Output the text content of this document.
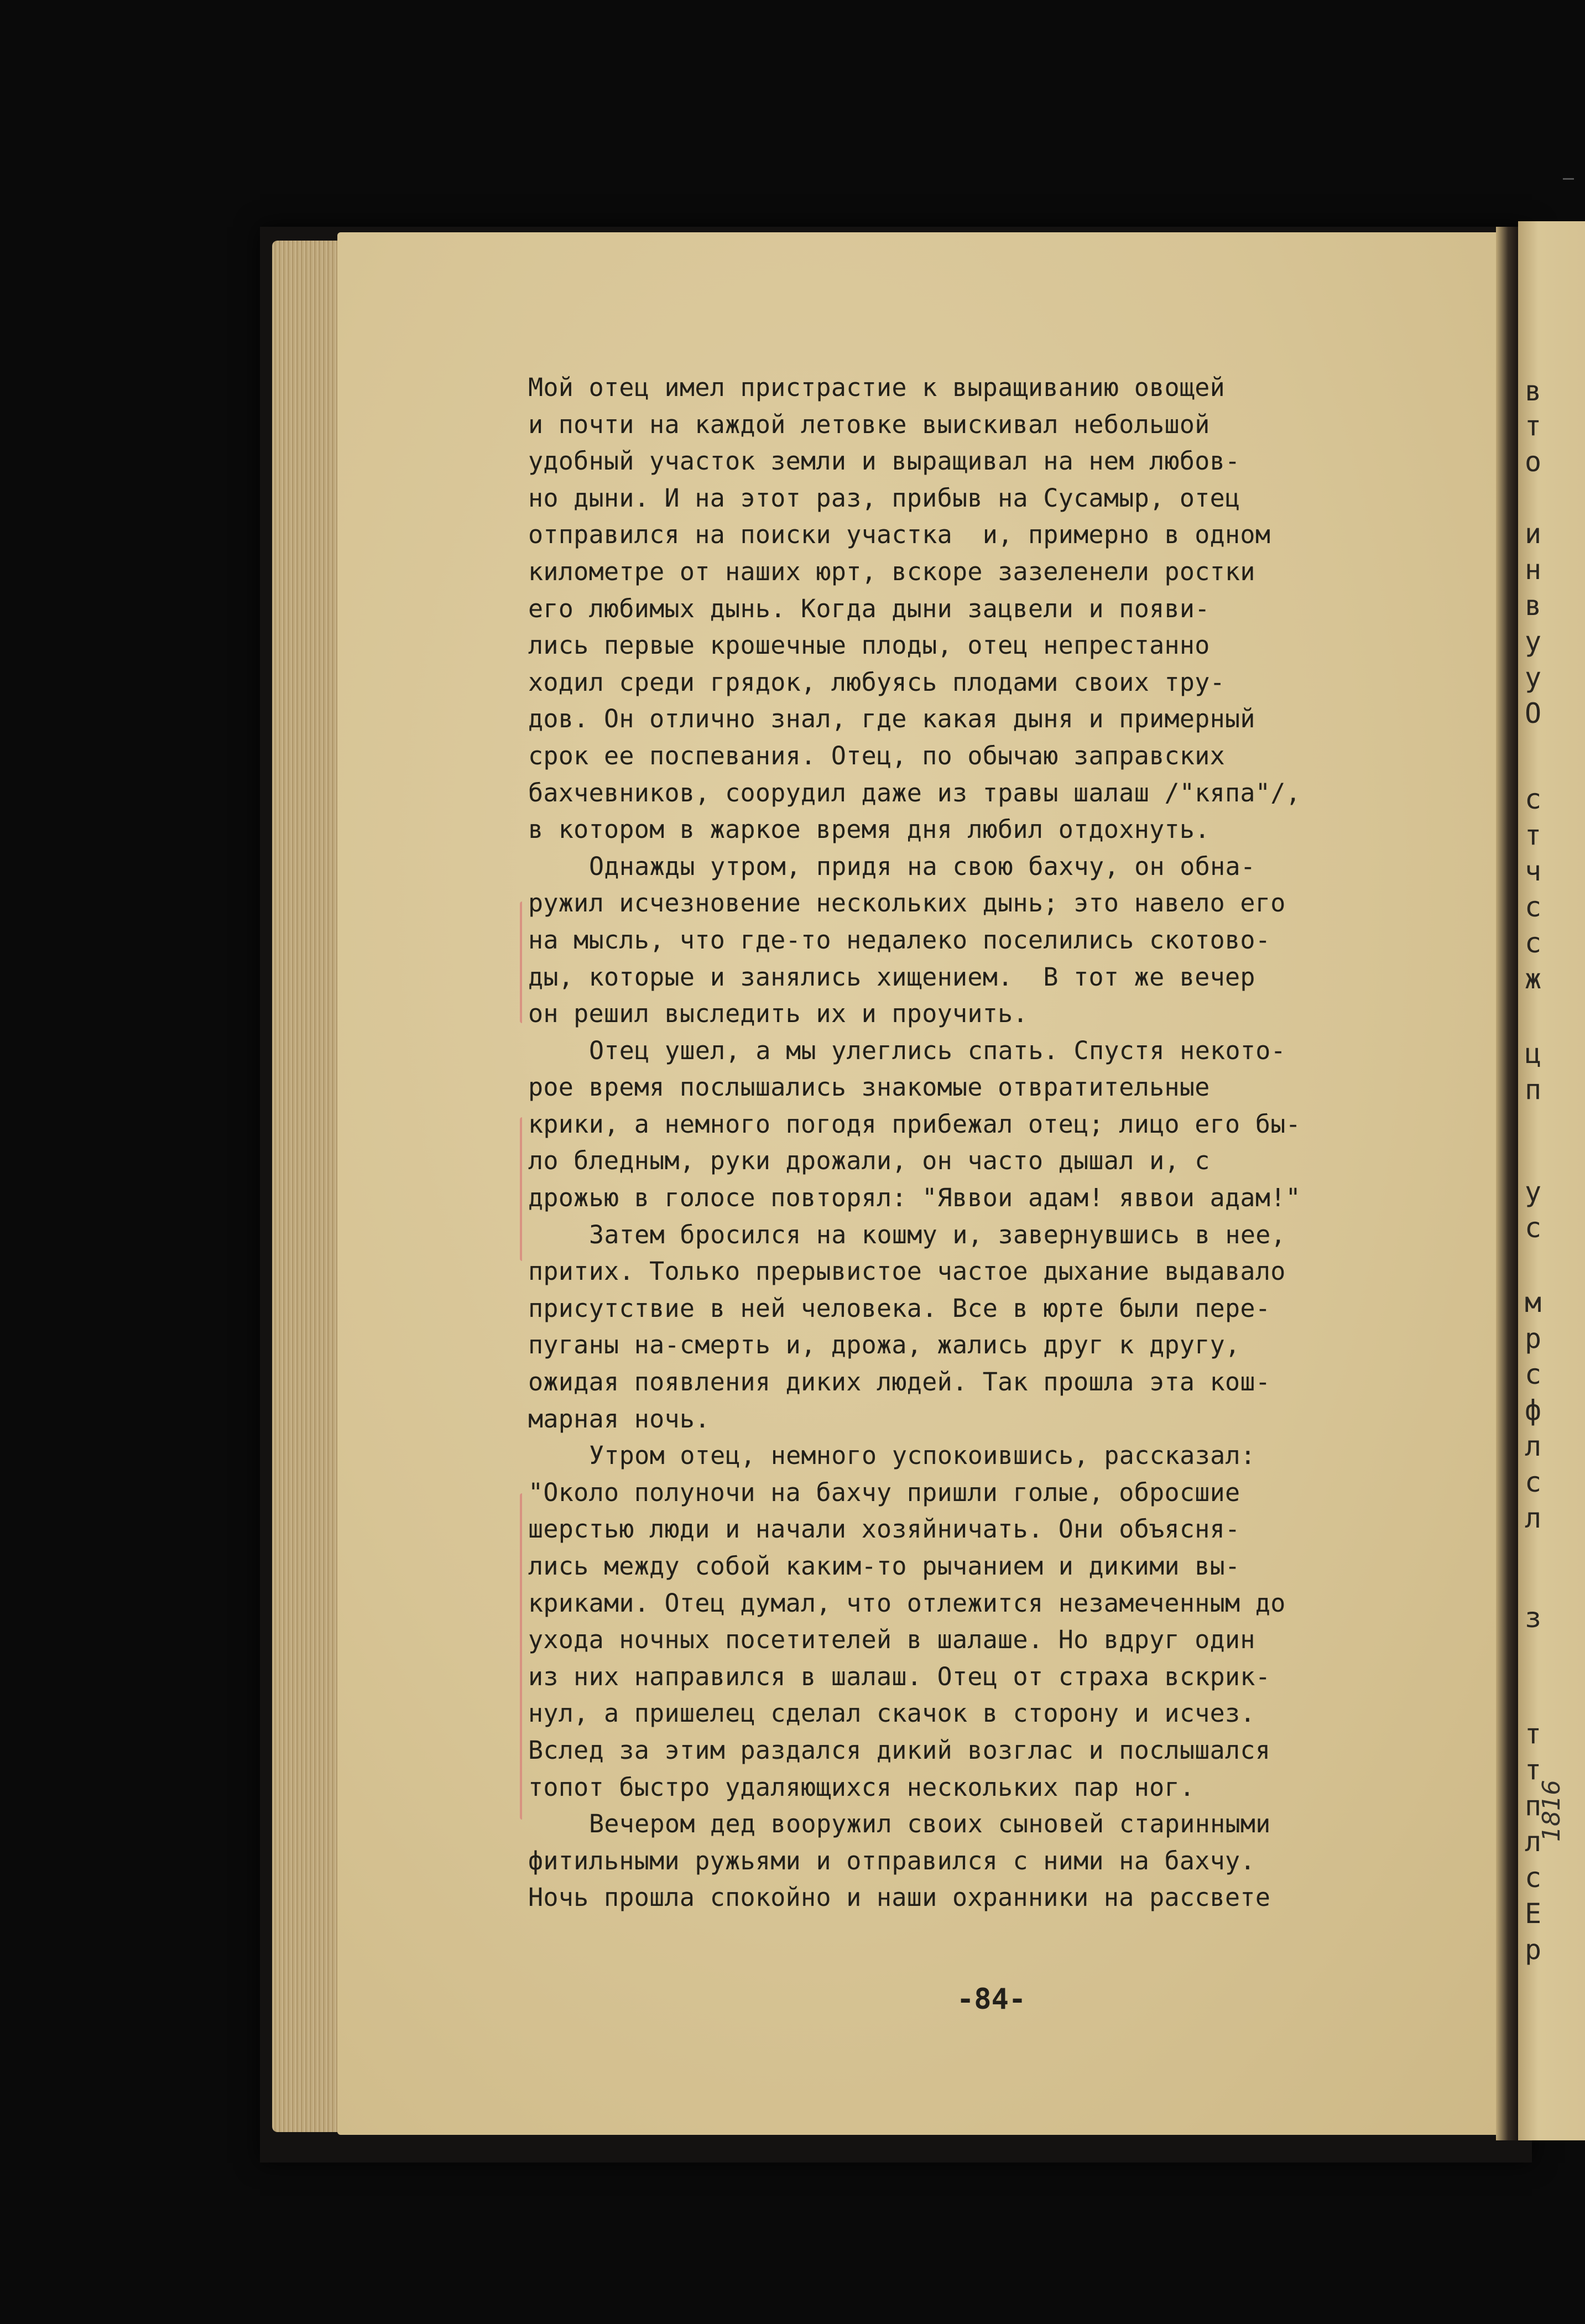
Мой отец имел пристрастие к выращиванию овощей
и почти на каждой летовке выискивал небольшой
удобный участок земли и выращивал на нем любов-
но дыни. И на этот раз, прибыв на Сусамыр, отец
отправился на поиски участка  и, примерно в одном
километре от наших юрт, вскоре зазеленели ростки
его любимых дынь. Когда дыни зацвели и появи-
лись первые крошечные плоды, отец непрестанно
ходил среди грядок, любуясь плодами своих тру-
дов. Он отлично знал, где какая дыня и примерный
срок ее поспевания. Отец, по обычаю заправских
бахчевников, соорудил даже из травы шалаш /"кяпа"/,
в котором в жаркое время дня любил отдохнуть.
Однажды утром, придя на свою бахчу, он обна-
ружил исчезновение нескольких дынь; это навело его
на мысль, что где-то недалеко поселились скотово-
ды, которые и занялись хищением.  В тот же вечер
он решил выследить их и проучить.
Отец ушел, а мы улеглись спать. Спустя некото-
рое время послышались знакомые отвратительные
крики, а немного погодя прибежал отец; лицо его бы-
ло бледным, руки дрожали, он часто дышал и, с
дрожью в голосе повторял: "Яввои адам! яввои адам!"
Затем бросился на кошму и, завернувшись в нее,
притих. Только прерывистое частое дыхание выдавало
присутствие в ней человека. Все в юрте были пере-
пуганы на-смерть и, дрожа, жались друг к другу,
ожидая появления диких людей. Так прошла эта кош-
марная ночь.
Утром отец, немного успокоившись, рассказал:
"Около полуночи на бахчу пришли голые, обросшие
шерстью люди и начали хозяйничать. Они объясня-
лись между собой каким-то рычанием и дикими вы-
криками. Отец думал, что отлежится незамеченным до
ухода ночных посетителей в шалаше. Но вдруг один
из них направился в шалаш. Отец от страха вскрик-
нул, а пришелец сделал скачок в сторону и исчез.
Вслед за этим раздался дикий возглас и послышался
топот быстро удаляющихся нескольких пар ног.
Вечером дед вооружил своих сыновей старинными
фитильными ружьями и отправился с ними на бахчу.
Ночь прошла спокойно и наши охранники на рассвете
-84-
в
т
о
и
н
в
у
у
О
с
т
ч
с
с
ж
ц
п
у
с
м
р
с
ф
л
с
л
з
т
т
п
л
с
Е
р
1816
